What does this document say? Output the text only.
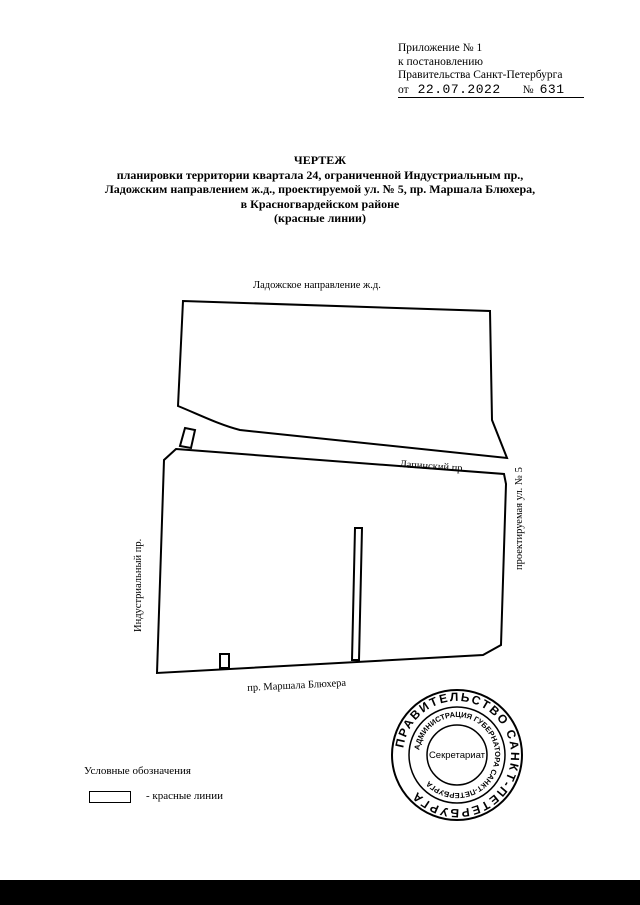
Приложение № 1
к постановлению
Правительства Санкт-Петербурга
от 22.07.2022 № 631
ЧЕРТЕЖ
планировки территории квартала 24, ограниченной Индустриальным пр.,
Ладожским направлением ж.д., проектируемой ул. № 5, пр. Маршала Блюхера,
в Красногвардейском районе
(красные линии)
Ладожское направление ж.д.
Лапинский пр.
проектируемая ул. № 5
Индустриальный пр.
пр. Маршала Блюхера
ПРАВИТЕЛЬСТВО САНКТ-ПЕТЕРБУРГА
АДМИНИСТРАЦИЯ ГУБЕРНАТОРА САНКТ-ПЕТЕРБУРГА
Секретариат
Условные обозначения
- красные линии
